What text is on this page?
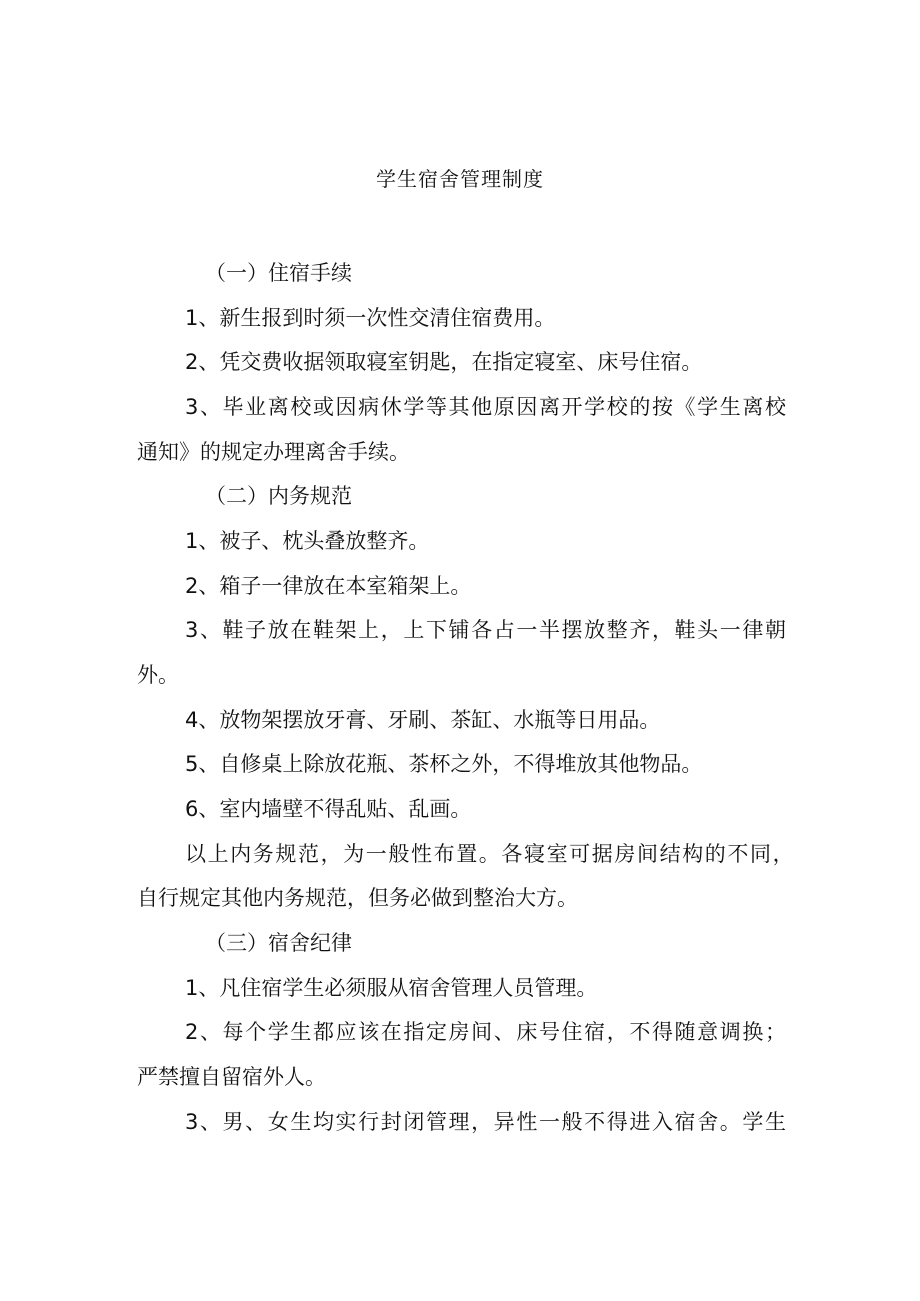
学生宿舍管理制度
（一）住宿手续
1、新生报到时须一次性交清住宿费用。
2、凭交费收据领取寝室钥匙，在指定寝室、床号住宿。
3、毕业离校或因病休学等其他原因离开学校的按《学生离校
通知》的规定办理离舍手续。
（二）内务规范
1、被子、枕头叠放整齐。
2、箱子一律放在本室箱架上。
3、鞋子放在鞋架上，上下铺各占一半摆放整齐，鞋头一律朝
外。
4、放物架摆放牙膏、牙刷、茶缸、水瓶等日用品。
5、自修桌上除放花瓶、茶杯之外，不得堆放其他物品。
6、室内墙壁不得乱贴、乱画。
以上内务规范，为一般性布置。各寝室可据房间结构的不同，
自行规定其他内务规范，但务必做到整治大方。
（三）宿舍纪律
1、凡住宿学生必须服从宿舍管理人员管理。
2、每个学生都应该在指定房间、床号住宿，不得随意调换；
严禁擅自留宿外人。
3、男、女生均实行封闭管理，异性一般不得进入宿舍。学生
